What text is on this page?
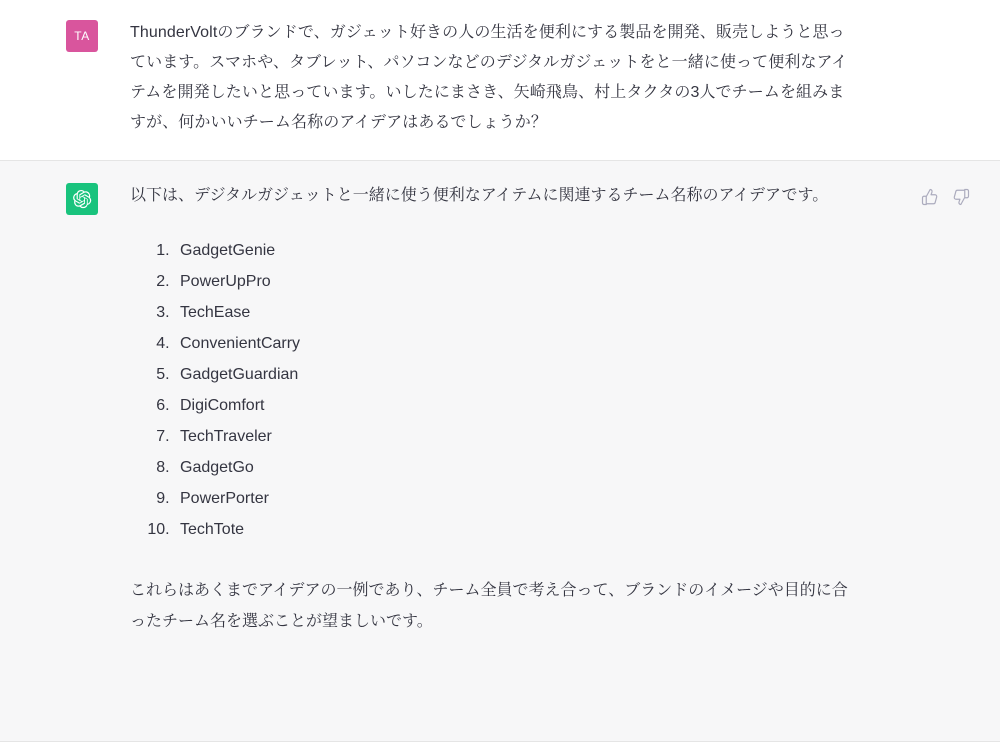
TA	ThunderVoltのブランドで、ガジェット好きの人の生活を便利にする製品を開発、販売しようと思っています。スマホや、タブレット、パソコンなどのデジタルガジェットをと一緒に使って便利なアイテムを開発したいと思っています。いしたにまさき、矢崎飛鳥、村上タクタの3人でチームを組みますが、何かいいチーム名称のアイデアはあるでしょうか？
以下は、デジタルガジェットと一緒に使う便利なアイテムに関連するチーム名称のアイデアです。
1. GadgetGenie
2. PowerUpPro
3. TechEase
4. ConvenientCarry
5. GadgetGuardian
6. DigiComfort
7. TechTraveler
8. GadgetGo
9. PowerPorter
10. TechTote
これらはあくまでアイデアの一例であり、チーム全員で考え合って、ブランドのイメージや目的に合ったチーム名を選ぶことが望ましいです。
